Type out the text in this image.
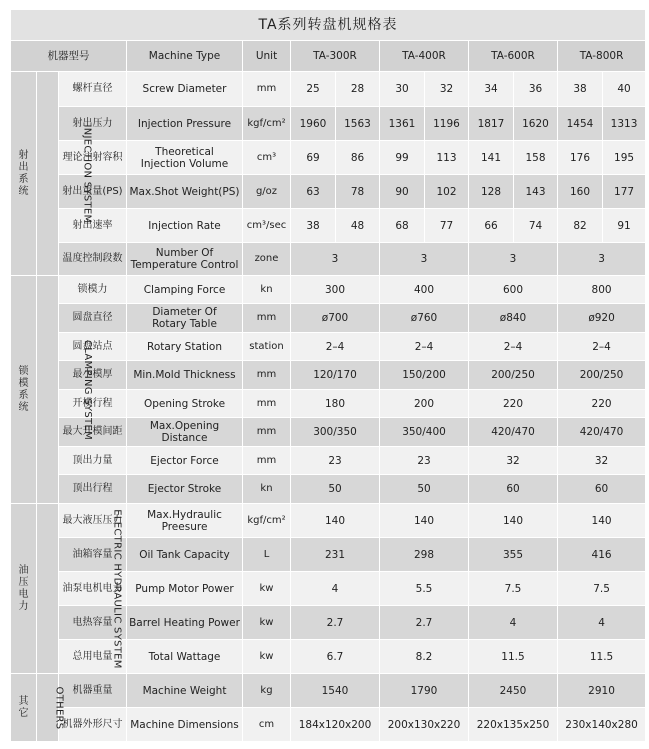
TA系列转盘机规格表												
机器型号			Machine Type	Unit	TA-300R		TA-400R		TA-600R		TA-800R	

射
出
系
统	INJECTION SYSTEM	螺杆直径	Screw Diameter	mm	25	28	30	32	34	36	38	40
		射出压力	Injection Pressure	kgf/cm²	1960	1563	1361	1196	1817	1620	1454	1313
		理论注射容积	Theoretical
Injection Volume	cm³	69	86	99	113	141	158	176	195
		射出重量(PS)	Max.Shot Weight(PS)	g/oz	63	78	90	102	128	143	160	177
		射出速率	Injection Rate	cm³/sec	38	48	68	77	66	74	82	91
		温度控制段数	Number Of
Temperature Control	zone	3		3		3		3	

锁
模
系
统	CLAMPING SYSTEM	锁模力	Clamping Force	kn	300		400		600		800	
		圆盘直径	Diameter Of
Rotary Table	mm	ø700		ø760		ø840		ø920	
		圆盘站点	Rotary Station	station	2–4		2–4		2–4		2–4	
		最小模厚	Min.Mold Thickness	mm	120/170		150/200		200/250		200/250	
		开模行程	Opening Stroke	mm	180		200		220		220	
		最大开模间距	Max.Opening Distance	mm	300/350		350/400		420/470		420/470	
		顶出力量	Ejector Force	mm	23		23		32		32	
		顶出行程	Ejector Stroke	kn	50		50		60		60	

油
压
电
力	ELECTRIC HYDRAULIC SYSTEM	最大液压压力	Max.Hydraulic Preesure	kgf/cm²	140		140		140		140	
		油箱容量	Oil Tank Capacity	L	231		298		355		416	
		油泵电机电力	Pump Motor Power	kw	4		5.5		7.5		7.5	
		电热容量	Barrel Heating Power	kw	2.7		2.7		4		4	
		总用电量	Total Wattage	kw	6.7		8.2		11.5		11.5	

其
它	OTHERS	机器重量	Machine Weight	kg	1540		1790		2450		2910	
		机器外形尺寸	Machine Dimensions	cm	184x120x200		200x130x220		220x135x250		230x140x280	
